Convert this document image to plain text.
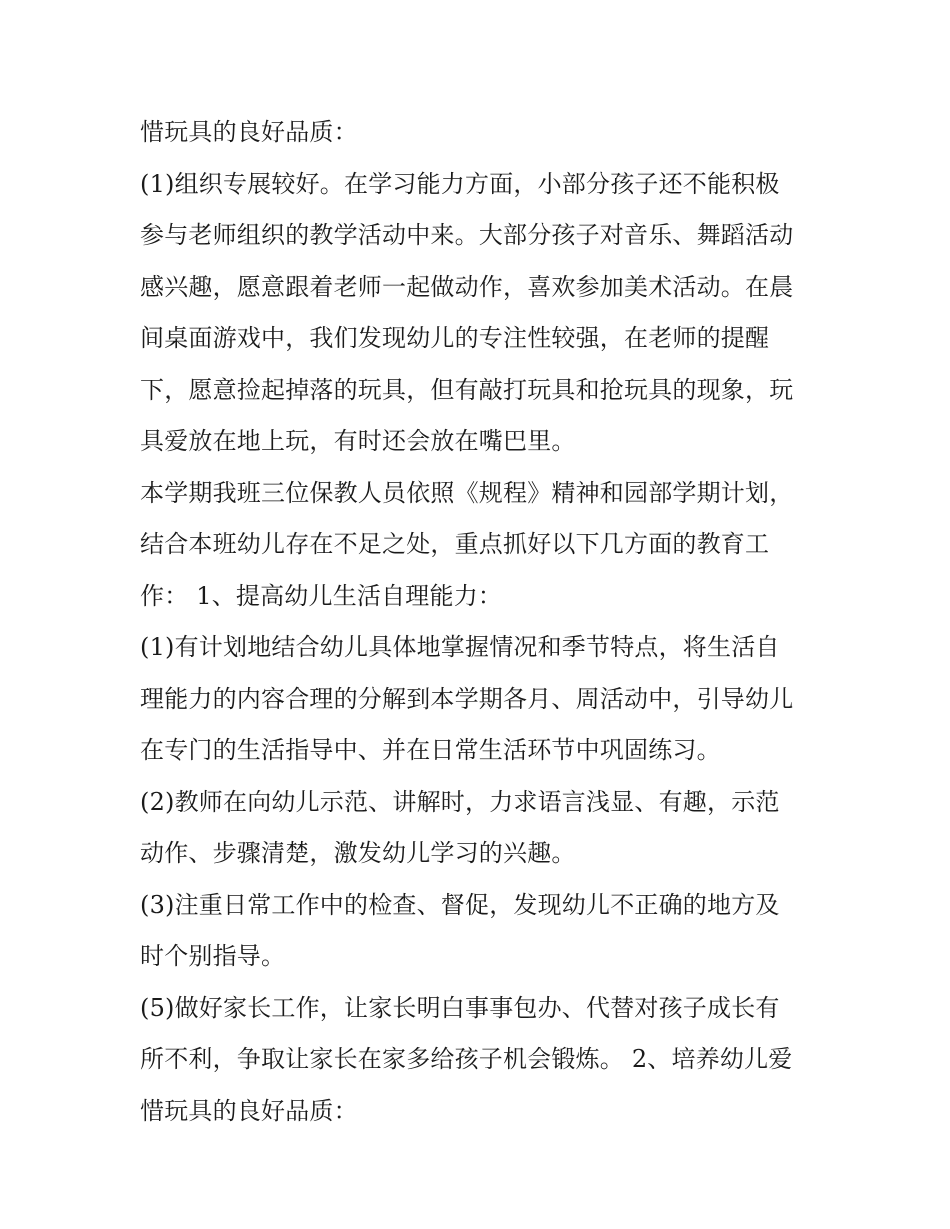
惜玩具的良好品质：
(1)组织专展较好。在学习能力方面，小部分孩子还不能积极
参与老师组织的教学活动中来。大部分孩子对音乐、舞蹈活动
感兴趣，愿意跟着老师一起做动作，喜欢参加美术活动。在晨
间桌面游戏中，我们发现幼儿的专注性较强，在老师的提醒
下，愿意捡起掉落的玩具，但有敲打玩具和抢玩具的现象，玩
具爱放在地上玩，有时还会放在嘴巴里。
本学期我班三位保教人员依照《规程》精神和园部学期计划，
结合本班幼儿存在不足之处，重点抓好以下几方面的教育工
作： 1、提高幼儿生活自理能力：
(1)有计划地结合幼儿具体地掌握情况和季节特点，将生活自
理能力的内容合理的分解到本学期各月、周活动中，引导幼儿
在专门的生活指导中、并在日常生活环节中巩固练习。
(2)教师在向幼儿示范、讲解时，力求语言浅显、有趣，示范
动作、步骤清楚，激发幼儿学习的兴趣。
(3)注重日常工作中的检查、督促，发现幼儿不正确的地方及
时个别指导。
(5)做好家长工作，让家长明白事事包办、代替对孩子成长有
所不利，争取让家长在家多给孩子机会锻炼。 2、培养幼儿爱
惜玩具的良好品质：
